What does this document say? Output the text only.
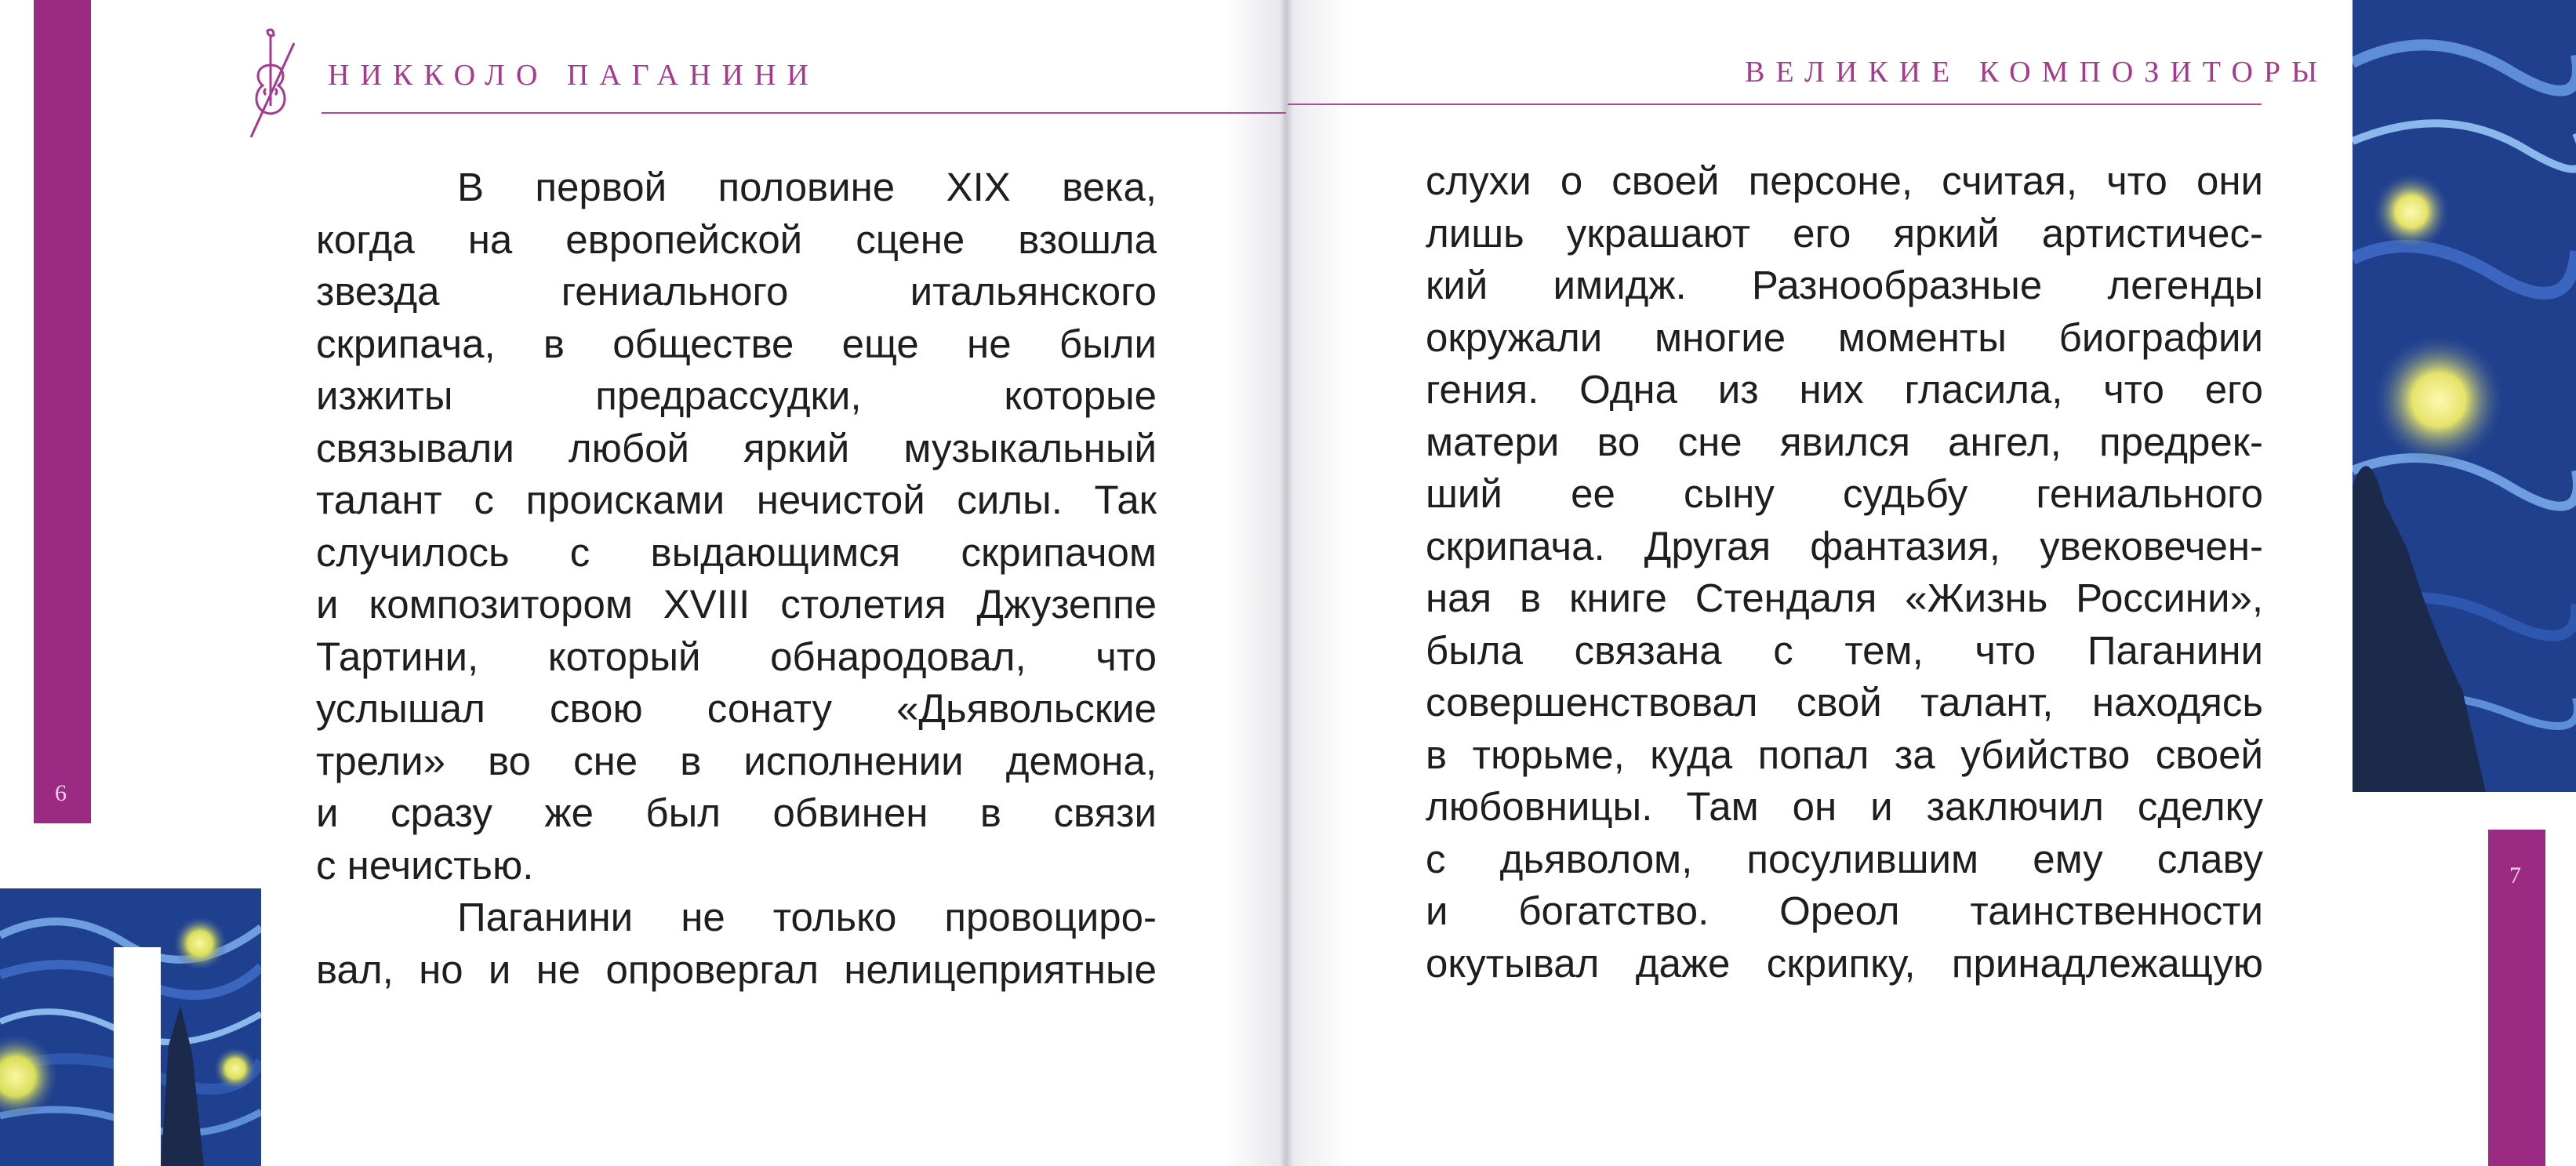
6
НИККОЛО ПАГАНИНИ
В первой половине XIX века,
когда на европейской сцене взошла
звезда гениального итальянского
скрипача, в обществе еще не были
изжиты предрассудки, которые
связывали любой яркий музыкальный
талант с происками нечистой силы. Так
случилось с выдающимся скрипачом
и композитором XVIII столетия Джузеппе
Тартини, который обнародовал, что
услышал свою сонату «Дьявольские
трели» во сне в исполнении демона,
и сразу же был обвинен в связи
с нечистью.
Паганини не только провоциро-
вал, но и не опровергал нелицеприятные
7
ВЕЛИКИЕ КОМПОЗИТОРЫ
слухи о своей персоне, считая, что они
лишь украшают его яркий артистичес-
кий имидж. Разнообразные легенды
окружали многие моменты биографии
гения. Одна из них гласила, что его
матери во сне явился ангел, предрек-
ший ее сыну судьбу гениального
скрипача. Другая фантазия, увековечен-
ная в книге Стендаля «Жизнь Россини»,
была связана с тем, что Паганини
совершенствовал свой талант, находясь
в тюрьме, куда попал за убийство своей
любовницы. Там он и заключил сделку
с дьяволом, посулившим ему славу
и богатство. Ореол таинственности
окутывал даже скрипку, принадлежащую
